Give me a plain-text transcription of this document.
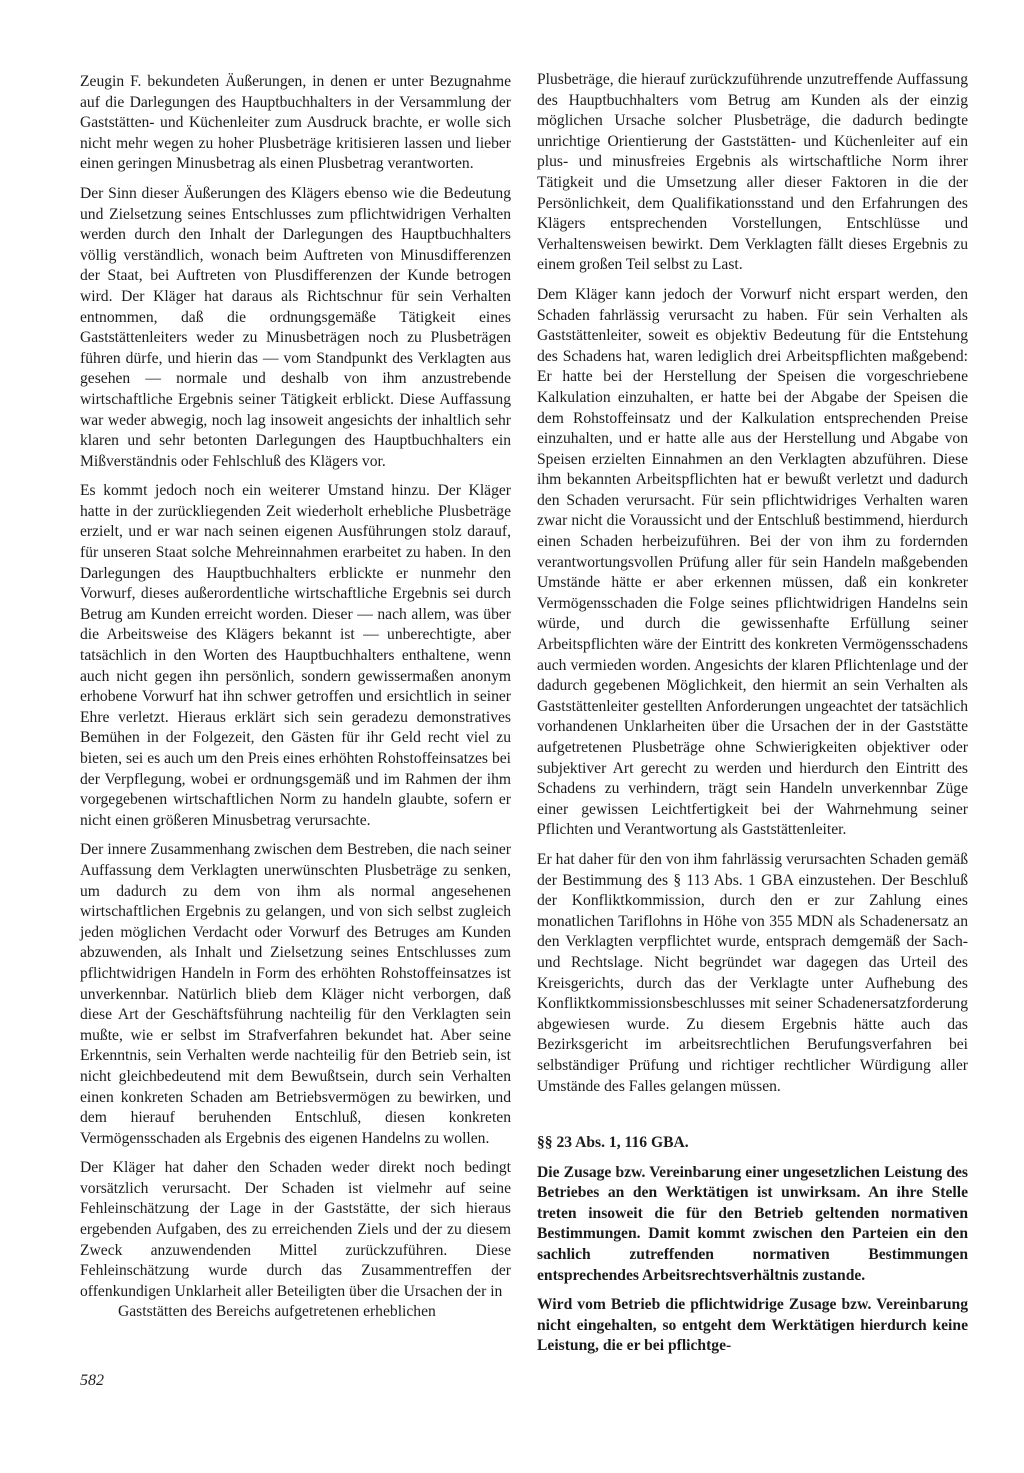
Zeugin F. bekundeten Äußerungen, in denen er unter Bezugnahme auf die Darlegungen des Hauptbuchhalters in der Versammlung der Gaststätten- und Küchenleiter zum Ausdruck brachte, er wolle sich nicht mehr wegen zu hoher Plusbeträge kritisieren lassen und lieber einen geringen Minusbetrag als einen Plusbetrag verantworten.

Der Sinn dieser Äußerungen des Klägers ebenso wie die Bedeutung und Zielsetzung seines Entschlusses zum pflichtwidrigen Verhalten werden durch den Inhalt der Darlegungen des Hauptbuchhalters völlig verständlich, wonach beim Auftreten von Minusdifferenzen der Staat, bei Auftreten von Plusdifferenzen der Kunde betrogen wird. Der Kläger hat daraus als Richtschnur für sein Verhalten entnommen, daß die ordnungsgemäße Tätigkeit eines Gaststättenleiters weder zu Minusbeträgen noch zu Plusbeträgen führen dürfe, und hierin das — vom Standpunkt des Verklagten aus gesehen — normale und deshalb von ihm anzustrebende wirtschaftliche Ergebnis seiner Tätigkeit erblickt. Diese Auffassung war weder abwegig, noch lag insoweit angesichts der inhaltlich sehr klaren und sehr betonten Darlegungen des Hauptbuchhalters ein Mißverständnis oder Fehlschluß des Klägers vor.

Es kommt jedoch noch ein weiterer Umstand hinzu. Der Kläger hatte in der zurückliegenden Zeit wiederholt erhebliche Plusbeträge erzielt, und er war nach seinen eigenen Ausführungen stolz darauf, für unseren Staat solche Mehreinnahmen erarbeitet zu haben. In den Darlegungen des Hauptbuchhalters erblickte er nunmehr den Vorwurf, dieses außerordentliche wirtschaftliche Ergebnis sei durch Betrug am Kunden erreicht worden. Dieser — nach allem, was über die Arbeitsweise des Klägers bekannt ist — unberechtigte, aber tatsächlich in den Worten des Hauptbuchhalters enthaltene, wenn auch nicht gegen ihn persönlich, sondern gewissermaßen anonym erhobene Vorwurf hat ihn schwer getroffen und ersichtlich in seiner Ehre verletzt. Hieraus erklärt sich sein geradezu demonstratives Bemühen in der Folgezeit, den Gästen für ihr Geld recht viel zu bieten, sei es auch um den Preis eines erhöhten Rohstoffeinsatzes bei der Verpflegung, wobei er ordnungsgemäß und im Rahmen der ihm vorgegebenen wirtschaftlichen Norm zu handeln glaubte, sofern er nicht einen größeren Minusbetrag verursachte.

Der innere Zusammenhang zwischen dem Bestreben, die nach seiner Auffassung dem Verklagten unerwünschten Plusbeträge zu senken, um dadurch zu dem von ihm als normal angesehenen wirtschaftlichen Ergebnis zu gelangen, und von sich selbst zugleich jeden möglichen Verdacht oder Vorwurf des Betruges am Kunden abzuwenden, als Inhalt und Zielsetzung seines Entschlusses zum pflichtwidrigen Handeln in Form des erhöhten Rohstoffeinsatzes ist unverkennbar. Natürlich blieb dem Kläger nicht verborgen, daß diese Art der Geschäftsführung nachteilig für den Verklagten sein mußte, wie er selbst im Strafverfahren bekundet hat. Aber seine Erkenntnis, sein Verhalten werde nachteilig für den Betrieb sein, ist nicht gleichbedeutend mit dem Bewußtsein, durch sein Verhalten einen konkreten Schaden am Betriebsvermögen zu bewirken, und dem hierauf beruhenden Entschluß, diesen konkreten Vermögensschaden als Ergebnis des eigenen Handelns zu wollen.

Der Kläger hat daher den Schaden weder direkt noch bedingt vorsätzlich verursacht. Der Schaden ist vielmehr auf seine Fehleinschätzung der Lage in der Gaststätte, der sich hieraus ergebenden Aufgaben, des zu erreichenden Ziels und der zu diesem Zweck anzuwendenden Mittel zurückzuführen. Diese Fehleinschätzung wurde durch das Zusammentreffen der offenkundigen Unklarheit aller Beteiligten über die Ursachen der in

Gaststätten des Bereichs aufgetretenen erheblichen

Plusbeträge, die hierauf zurückzuführende unzutreffende Auffassung des Hauptbuchhalters vom Betrug am Kunden als der einzig möglichen Ursache solcher Plusbeträge, die dadurch bedingte unrichtige Orientierung der Gaststätten- und Küchenleiter auf ein plus- und minusfreies Ergebnis als wirtschaftliche Norm ihrer Tätigkeit und die Umsetzung aller dieser Faktoren in die der Persönlichkeit, dem Qualifikationsstand und den Erfahrungen des Klägers entsprechenden Vorstellungen, Entschlüsse und Verhaltensweisen bewirkt. Dem Verklagten fällt dieses Ergebnis zu einem großen Teil selbst zu Last.

Dem Kläger kann jedoch der Vorwurf nicht erspart werden, den Schaden fahrlässig verursacht zu haben. Für sein Verhalten als Gaststättenleiter, soweit es objektiv Bedeutung für die Entstehung des Schadens hat, waren lediglich drei Arbeitspflichten maßgebend: Er hatte bei der Herstellung der Speisen die vorgeschriebene Kalkulation einzuhalten, er hatte bei der Abgabe der Speisen die dem Rohstoffeinsatz und der Kalkulation entsprechenden Preise einzuhalten, und er hatte alle aus der Herstellung und Abgabe von Speisen erzielten Einnahmen an den Verklagten abzuführen. Diese ihm bekannten Arbeitspflichten hat er bewußt verletzt und dadurch den Schaden verursacht. Für sein pflichtwidriges Verhalten waren zwar nicht die Voraussicht und der Entschluß bestimmend, hierdurch einen Schaden herbeizuführen. Bei der von ihm zu fordernden verantwortungsvollen Prüfung aller für sein Handeln maßgebenden Umstände hätte er aber erkennen müssen, daß ein konkreter Vermögensschaden die Folge seines pflichtwidrigen Handelns sein würde, und durch die gewissenhafte Erfüllung seiner Arbeitspflichten wäre der Eintritt des konkreten Vermögensschadens auch vermieden worden. Angesichts der klaren Pflichtenlage und der dadurch gegebenen Möglichkeit, den hiermit an sein Verhalten als Gaststättenleiter gestellten Anforderungen ungeachtet der tatsächlich vorhandenen Unklarheiten über die Ursachen der in der Gaststätte aufgetretenen Plusbeträge ohne Schwierigkeiten objektiver oder subjektiver Art gerecht zu werden und hierdurch den Eintritt des Schadens zu verhindern, trägt sein Handeln unverkennbar Züge einer gewissen Leichtfertigkeit bei der Wahrnehmung seiner Pflichten und Verantwortung als Gaststättenleiter.

Er hat daher für den von ihm fahrlässig verursachten Schaden gemäß der Bestimmung des § 113 Abs. 1 GBA einzustehen. Der Beschluß der Konfliktkommission, durch den er zur Zahlung eines monatlichen Tariflohns in Höhe von 355 MDN als Schadenersatz an den Verklagten verpflichtet wurde, entsprach demgemäß der Sach- und Rechtslage. Nicht begründet war dagegen das Urteil des Kreisgerichts, durch das der Verklagte unter Aufhebung des Konfliktkommissionsbeschlusses mit seiner Schadenersatzforderung abgewiesen wurde. Zu diesem Ergebnis hätte auch das Bezirksgericht im arbeitsrechtlichen Berufungsverfahren bei selbständiger Prüfung und richtiger rechtlicher Würdigung aller Umstände des Falles gelangen müssen.

§§ 23 Abs. 1, 116 GBA.

Die Zusage bzw. Vereinbarung einer ungesetzlichen Leistung des Betriebes an den Werktätigen ist unwirksam. An ihre Stelle treten insoweit die für den Betrieb geltenden normativen Bestimmungen. Damit kommt zwischen den Parteien ein den sachlich zutreffenden normativen Bestimmungen entsprechendes Arbeitsrechtsverhältnis zustande.

Wird vom Betrieb die pflichtwidrige Zusage bzw. Vereinbarung nicht eingehalten, so entgeht dem Werktätigen hierdurch keine Leistung, die er bei pflichtge-

582
